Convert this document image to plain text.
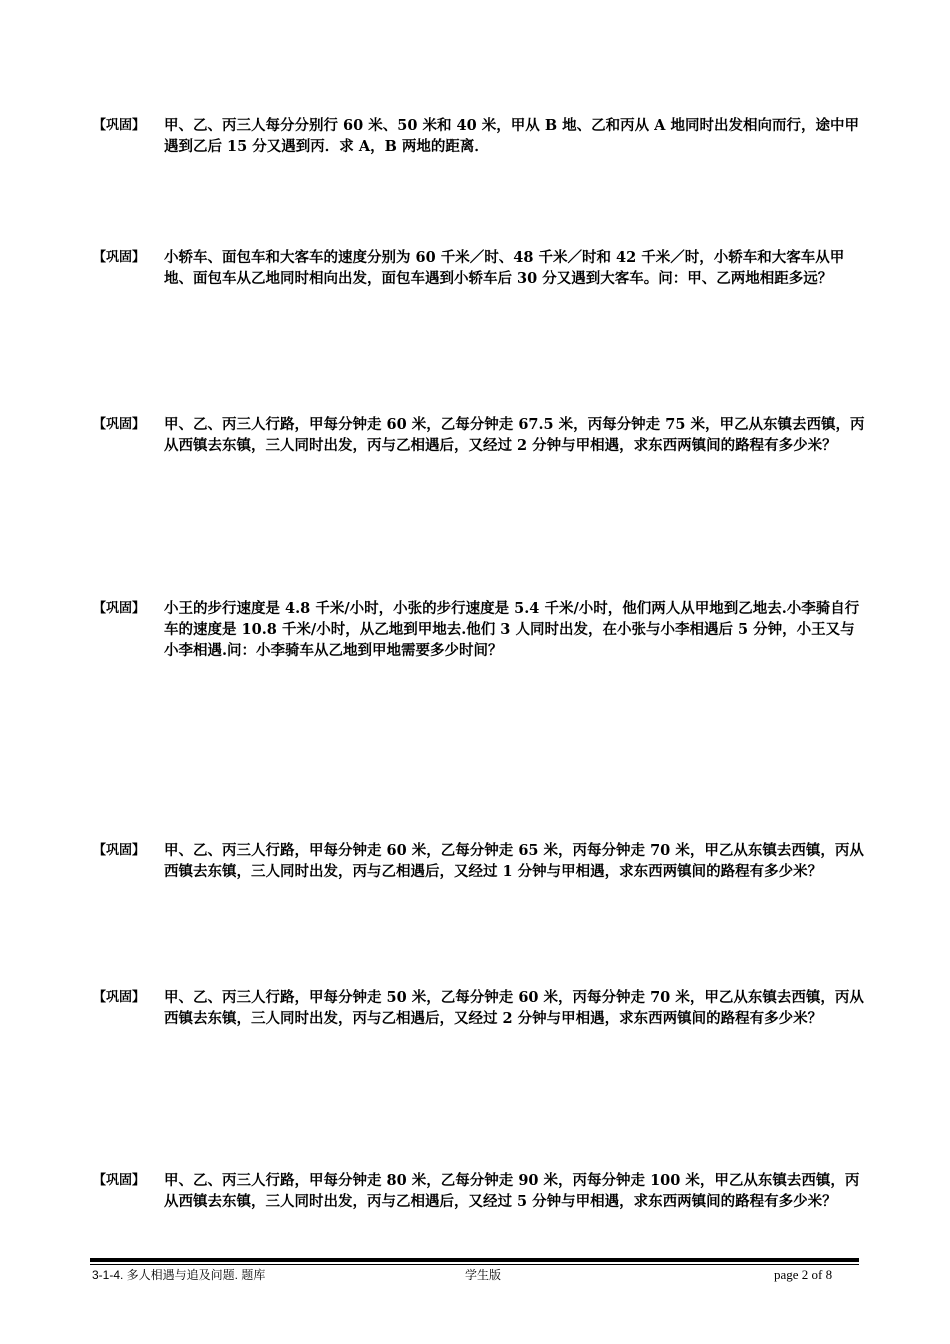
【巩固】	甲、乙、丙三人每分分别行 60 米、50 米和 40 米，甲从 B 地、乙和丙从 A 地同时出发相向而行，途中甲遇到乙后 15 分又遇到丙．求 A，B 两地的距离．
【巩固】	小轿车、面包车和大客车的速度分别为 60 千米／时、48 千米／时和 42 千米／时，小轿车和大客车从甲地、面包车从乙地同时相向出发，面包车遇到小轿车后 30 分又遇到大客车。问：甲、乙两地相距多远？
【巩固】	甲、乙、丙三人行路，甲每分钟走 60 米，乙每分钟走 67.5 米，丙每分钟走 75 米，甲乙从东镇去西镇，丙从西镇去东镇，三人同时出发，丙与乙相遇后，又经过 2 分钟与甲相遇，求东西两镇间的路程有多少米？
【巩固】	小王的步行速度是 4.8 千米/小时，小张的步行速度是 5.4 千米/小时，他们两人从甲地到乙地去.小李骑自行车的速度是 10.8 千米/小时，从乙地到甲地去.他们 3 人同时出发，在小张与小李相遇后 5 分钟，小王又与小李相遇.问：小李骑车从乙地到甲地需要多少时间？
【巩固】	甲、乙、丙三人行路，甲每分钟走 60 米，乙每分钟走 65 米，丙每分钟走 70 米，甲乙从东镇去西镇，丙从西镇去东镇，三人同时出发，丙与乙相遇后，又经过 1 分钟与甲相遇，求东西两镇间的路程有多少米？
【巩固】	甲、乙、丙三人行路，甲每分钟走 50 米，乙每分钟走 60 米，丙每分钟走 70 米，甲乙从东镇去西镇，丙从西镇去东镇，三人同时出发，丙与乙相遇后，又经过 2 分钟与甲相遇，求东西两镇间的路程有多少米？
【巩固】	甲、乙、丙三人行路，甲每分钟走 80 米，乙每分钟走 90 米，丙每分钟走 100 米，甲乙从东镇去西镇，丙从西镇去东镇，三人同时出发，丙与乙相遇后，又经过 5 分钟与甲相遇，求东西两镇间的路程有多少米？
3-1-4. 多人相遇与追及问题. 题库	学生版	page 2 of 8
